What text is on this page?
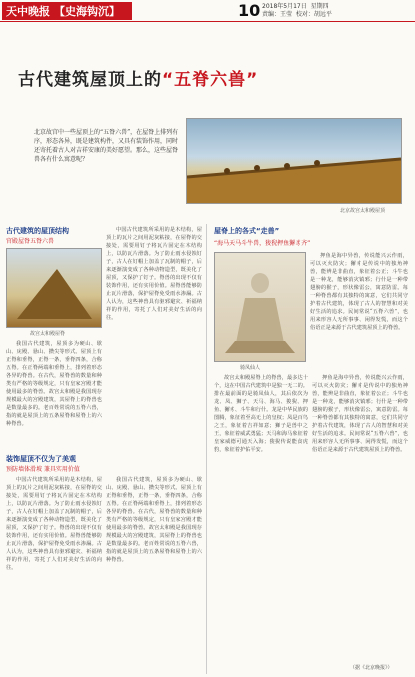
天中晚报 【 史海钩沉 】	10 2018年5月17日 星期四
责编：王莹 校对：胡远平
古代建筑屋顶上的“五脊六兽”
北京故宫中一些屋顶上的“五脊六兽”，在屋脊上排列有序，形态各异，既是建筑构件，又具有装饰作用，同时还寄托着古人对吉祥安康的美好愿望。那么，这些屋脊兽各有什么寓意呢？
北京故宫太和殿屋顶
古代建筑的屋顶结构
官殿屋脊五脊六兽
故宫太和殿屋脊
我国古代建筑，屋顶多为硬山、歇山、庑殿、悬山、攒尖等形式。屋顶上有正脊和垂脊，正脊一条，垂脊四条，合称五脊。在正脊两端和垂脊上，排列着形态各异的脊兽。在古代，屋脊兽的数量和种类有严格的等级规定，只有皇家宫殿才能使用最多的脊兽。故宫太和殿是我国现存规模最大的宫殿建筑，其屋脊上的脊兽也是数量最多的。老百姓常说的五脊六兽，指的就是屋顶上的五条屋脊和屋脊上的六种脊兽。
中国古代建筑所采用的是木结构，屋顶上的瓦片之间用泥灰粘接，在屋脊的交接处，需要用钉子将瓦片固定在木结构上，以防瓦片滑落。为了防止雨水侵蚀钉子，古人在钉帽上加盖了瓦制的帽子，后来逐渐演变成了各种动物造型，既美化了屋顶，又保护了钉子。脊兽的出现不仅有装饰作用，还有实用价值。屋脊兽能够防止瓦片滑落，保护屋脊免受雨水渗漏。古人认为，这些神兽具有驱邪避灾、祈福纳祥的作用，寄托了人们对美好生活的向往。
装饰屋顶不仅为了美观
预防墙体滑坡 兼具实用价值
中国古代建筑所采用的是木结构，屋顶上的瓦片之间用泥灰粘接，在屋脊的交接处，需要用钉子将瓦片固定在木结构上，以防瓦片滑落。为了防止雨水侵蚀钉子，古人在钉帽上加盖了瓦制的帽子，后来逐渐演变成了各种动物造型，既美化了屋顶，又保护了钉子。脊兽的出现不仅有装饰作用，还有实用价值。屋脊兽能够防止瓦片滑落，保护屋脊免受雨水渗漏。古人认为，这些神兽具有驱邪避灾、祈福纳祥的作用，寄托了人们对美好生活的向往。
我国古代建筑，屋顶多为硬山、歇山、庑殿、悬山、攒尖等形式。屋顶上有正脊和垂脊，正脊一条，垂脊四条，合称五脊。在正脊两端和垂脊上，排列着形态各异的脊兽。在古代，屋脊兽的数量和种类有严格的等级规定，只有皇家宫殿才能使用最多的脊兽。故宫太和殿是我国现存规模最大的宫殿建筑，其屋脊上的脊兽也是数量最多的。老百姓常说的五脊六兽，指的就是屋顶上的五条屋脊和屋脊上的六种脊兽。
屋脊上的各式“走兽”
“海马天马斗牛兽，狻猊押鱼獬豸齐”
骑凤仙人
押鱼是海中异兽，传说能兴云作雨，可以灭火防灾；獬豸是传说中的独角神兽，能辨是非曲直，象征着公正；斗牛也是一种龙，能够消灾镇邪；行什是一种带翅膀的猴子，形状像雷公，寓意防雷。每一种脊兽都有其独特的寓意，它们共同守护着古代建筑，体现了古人的智慧和对美好生活的追求。民间常说“五脊六兽”，也用来形容人无所事事、闲得发慌，而这个俗语正是来源于古代建筑屋顶上的脊兽。
故宫太和殿屋脊上的脊兽，最多达十个，这在中国古代建筑中是独一无二的。排在最前面的是骑凤仙人，其后依次为龙、凤、狮子、天马、海马、狻猊、押鱼、獬豸、斗牛和行什。龙是中华民族的图腾，象征着至高无上的皇权；凤是百鸟之王，象征着吉祥如意；狮子是兽中之王，象征着威武勇猛；天马和海马象征着皇家威德可通天入海；狻猊传说能食虎豹，象征着护佑平安。
押鱼是海中异兽，传说能兴云作雨，可以灭火防灾；獬豸是传说中的独角神兽，能辨是非曲直，象征着公正；斗牛也是一种龙，能够消灾镇邪；行什是一种带翅膀的猴子，形状像雷公，寓意防雷。每一种脊兽都有其独特的寓意，它们共同守护着古代建筑，体现了古人的智慧和对美好生活的追求。民间常说“五脊六兽”，也用来形容人无所事事、闲得发慌，而这个俗语正是来源于古代建筑屋顶上的脊兽。
（据《北京晚报》）
